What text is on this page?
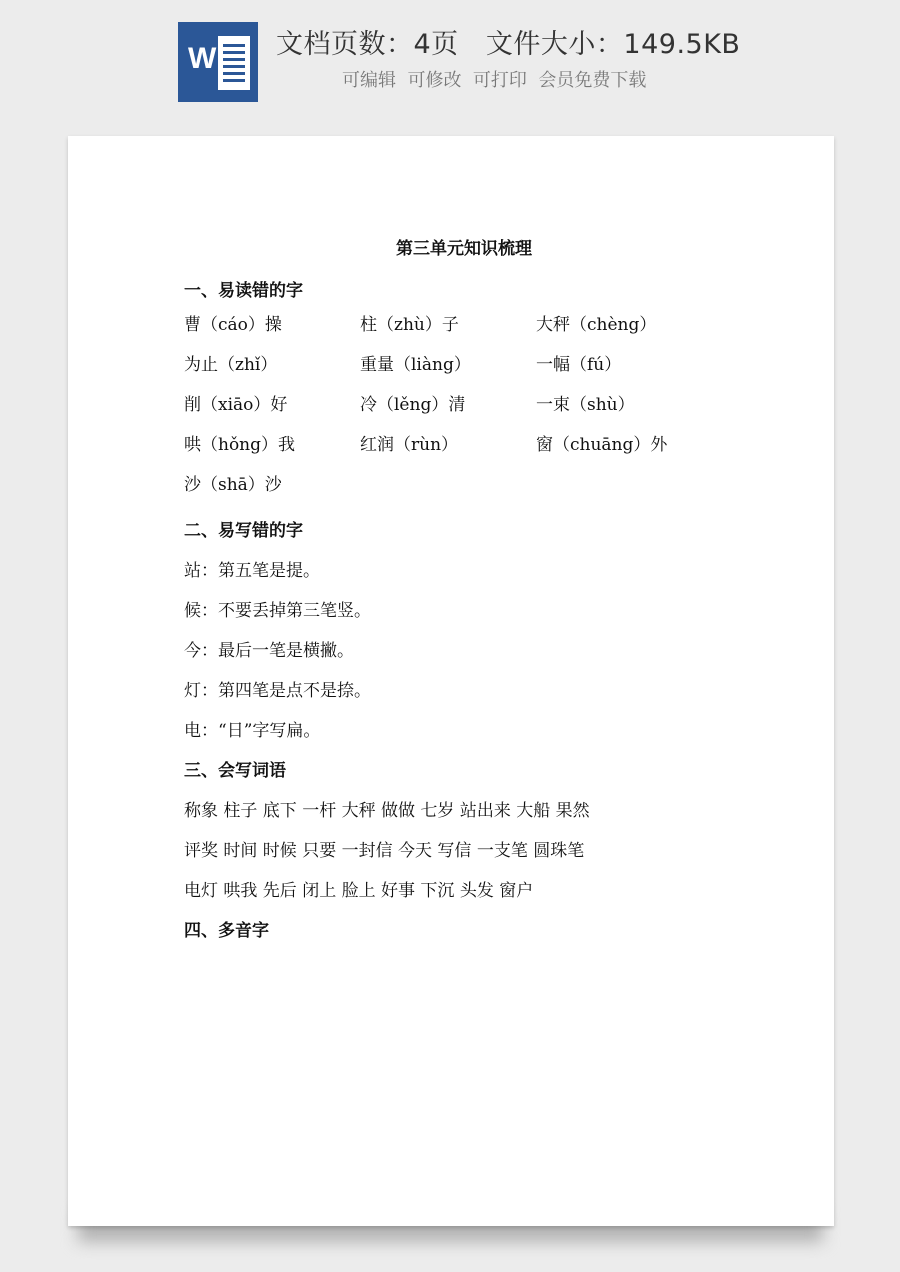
W 文档页数：4页   文件大小：149.5KB
可编辑  可修改  可打印  会员免费下载
第三单元知识梳理
一、易读错的字
曹（cáo）操	柱（zhù）子	大秤（chèng）
为止（zhǐ）	重量（liàng）	一幅（fú）
削（xiāo）好	冷（lěng）清	一束（shù）
哄（hǒng）我	红润（rùn）	窗（chuāng）外
沙（shā）沙
二、易写错的字
站：第五笔是提。
候：不要丢掉第三笔竖。
今：最后一笔是横撇。
灯：第四笔是点不是捺。
电：“日”字写扁。
三、会写词语
称象 柱子 底下 一杆 大秤 做做 七岁 站出来 大船 果然
评奖 时间 时候 只要 一封信 今天 写信 一支笔 圆珠笔
电灯 哄我 先后 闭上 脸上 好事 下沉 头发 窗户
四、多音字
